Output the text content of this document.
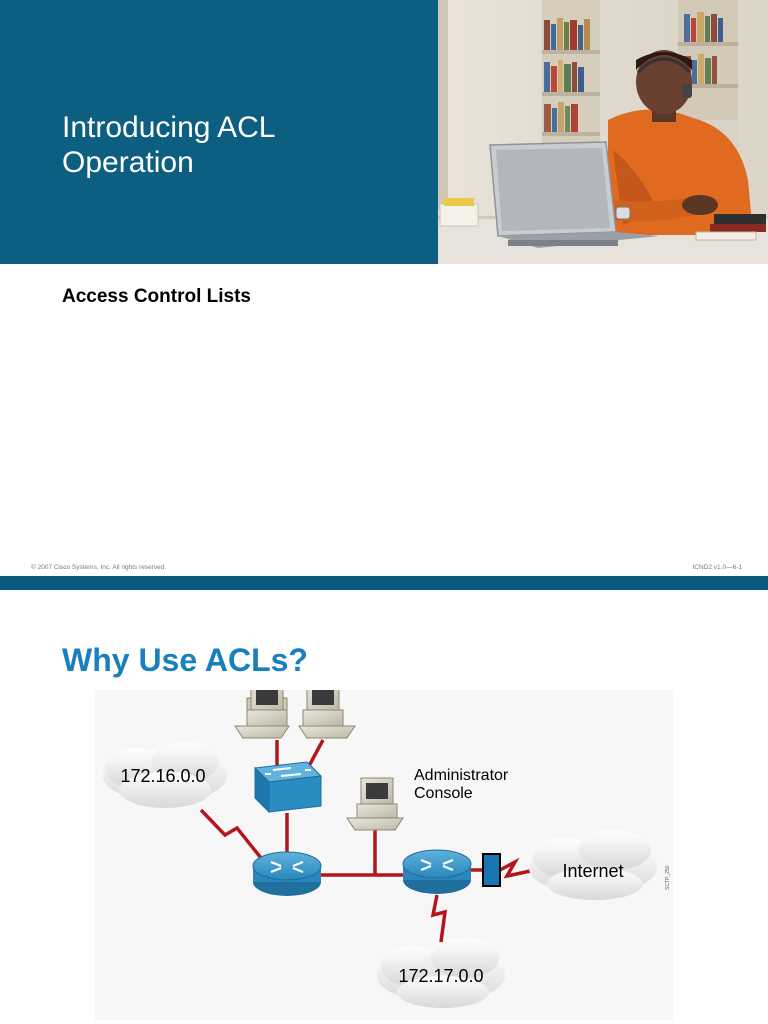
Introducing ACL
Operation
Access Control Lists
© 2007 Cisco Systems, Inc. All rights reserved.	ICND2 v1.0—6-1
Why Use ACLs?
172.16.0.0
Internet
172.17.0.0
Administrator
Console
SCTP_250
